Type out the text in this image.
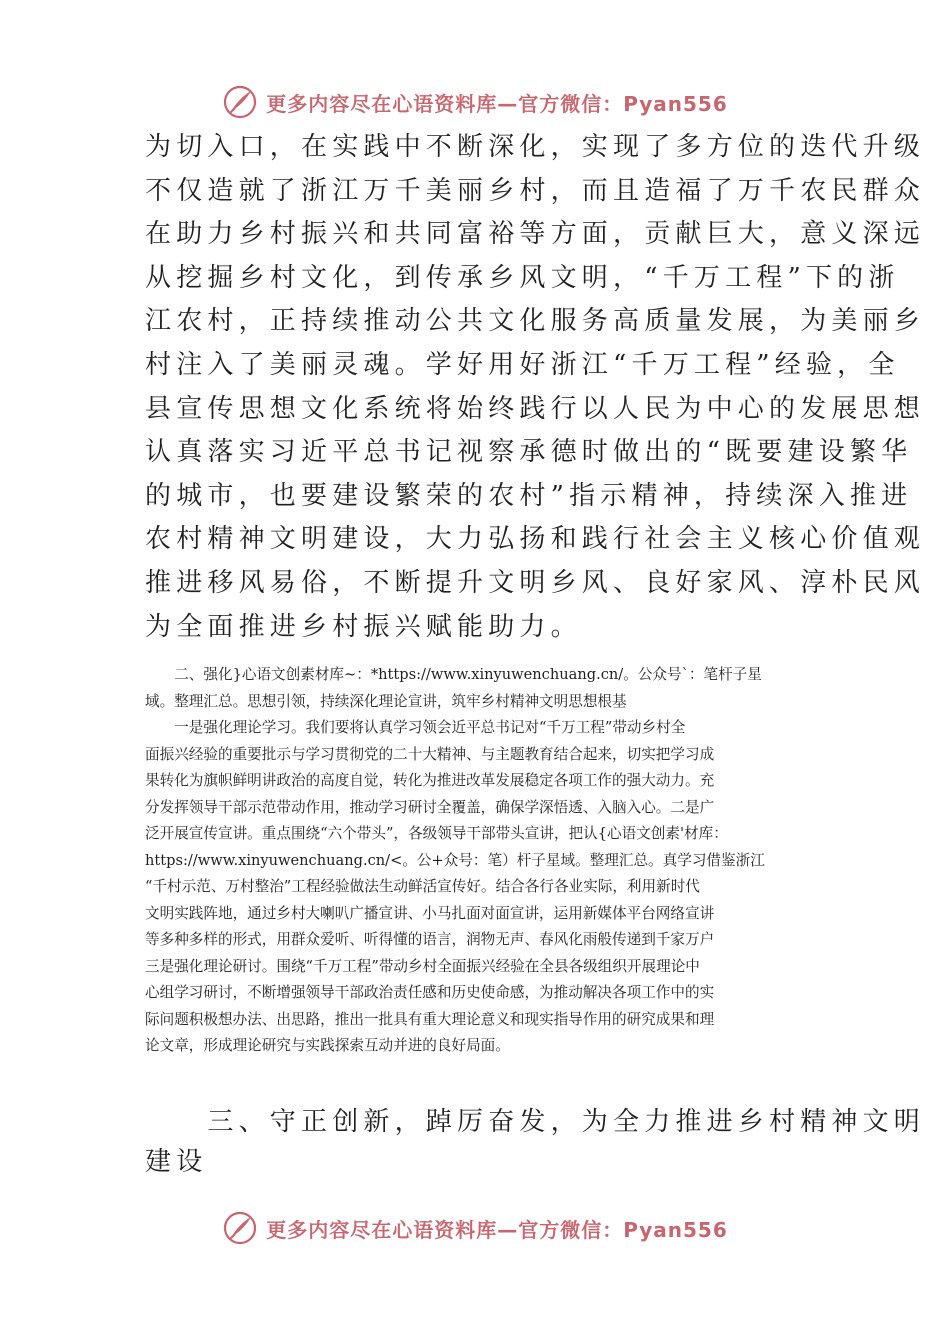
更多内容尽在心语资料库—官方微信：Pyan556
为切入口，在实践中不断深化，实现了多方位的迭代升级
不仅造就了浙江万千美丽乡村，而且造福了万千农民群众
在助力乡村振兴和共同富裕等方面，贡献巨大，意义深远
从挖掘乡村文化，到传承乡风文明，“千万工程”下的浙
江农村，正持续推动公共文化服务高质量发展，为美丽乡
村注入了美丽灵魂。学好用好浙江“千万工程”经验，全
县宣传思想文化系统将始终践行以人民为中心的发展思想
认真落实习近平总书记视察承德时做出的“既要建设繁华
的城市，也要建设繁荣的农村”指示精神，持续深入推进
农村精神文明建设，大力弘扬和践行社会主义核心价值观
推进移风易俗，不断提升文明乡风、良好家风、淳朴民风
为全面推进乡村振兴赋能助力。
　　二、强化}心语文创素材库~：*https://www.xinyuwenchuang.cn/。公众号`：笔杆子星
域。整理汇总。思想引领，持续深化理论宣讲，筑牢乡村精神文明思想根基
　　一是强化理论学习。我们要将认真学习领会近平总书记对“千万工程”带动乡村全
面振兴经验的重要批示与学习贯彻党的二十大精神、与主题教育结合起来，切实把学习成
果转化为旗帜鲜明讲政治的高度自觉，转化为推进改革发展稳定各项工作的强大动力。充
分发挥领导干部示范带动作用，推动学习研讨全覆盖，确保学深悟透、入脑入心。二是广
泛开展宣传宣讲。重点围绕“六个带头”，各级领导干部带头宣讲，把认{心语文创素'材库：
https://www.xinyuwenchuang.cn/<。公+众号：笔）杆子星域。整理汇总。真学习借鉴浙江
“千村示范、万村整治”工程经验做法生动鲜活宣传好。结合各行各业实际，利用新时代
文明实践阵地，通过乡村大喇叭广播宣讲、小马扎面对面宣讲，运用新媒体平台网络宣讲
等多种多样的形式，用群众爱听、听得懂的语言，润物无声、春风化雨般传递到千家万户
三是强化理论研讨。围绕“千万工程”带动乡村全面振兴经验在全县各级组织开展理论中
心组学习研讨，不断增强领导干部政治责任感和历史使命感，为推动解决各项工作中的实
际问题积极想办法、出思路，推出一批具有重大理论意义和现实指导作用的研究成果和理
论文章，形成理论研究与实践探索互动并进的良好局面。
　　三、守正创新，踔厉奋发，为全力推进乡村精神文明
建设
更多内容尽在心语资料库—官方微信：Pyan556
